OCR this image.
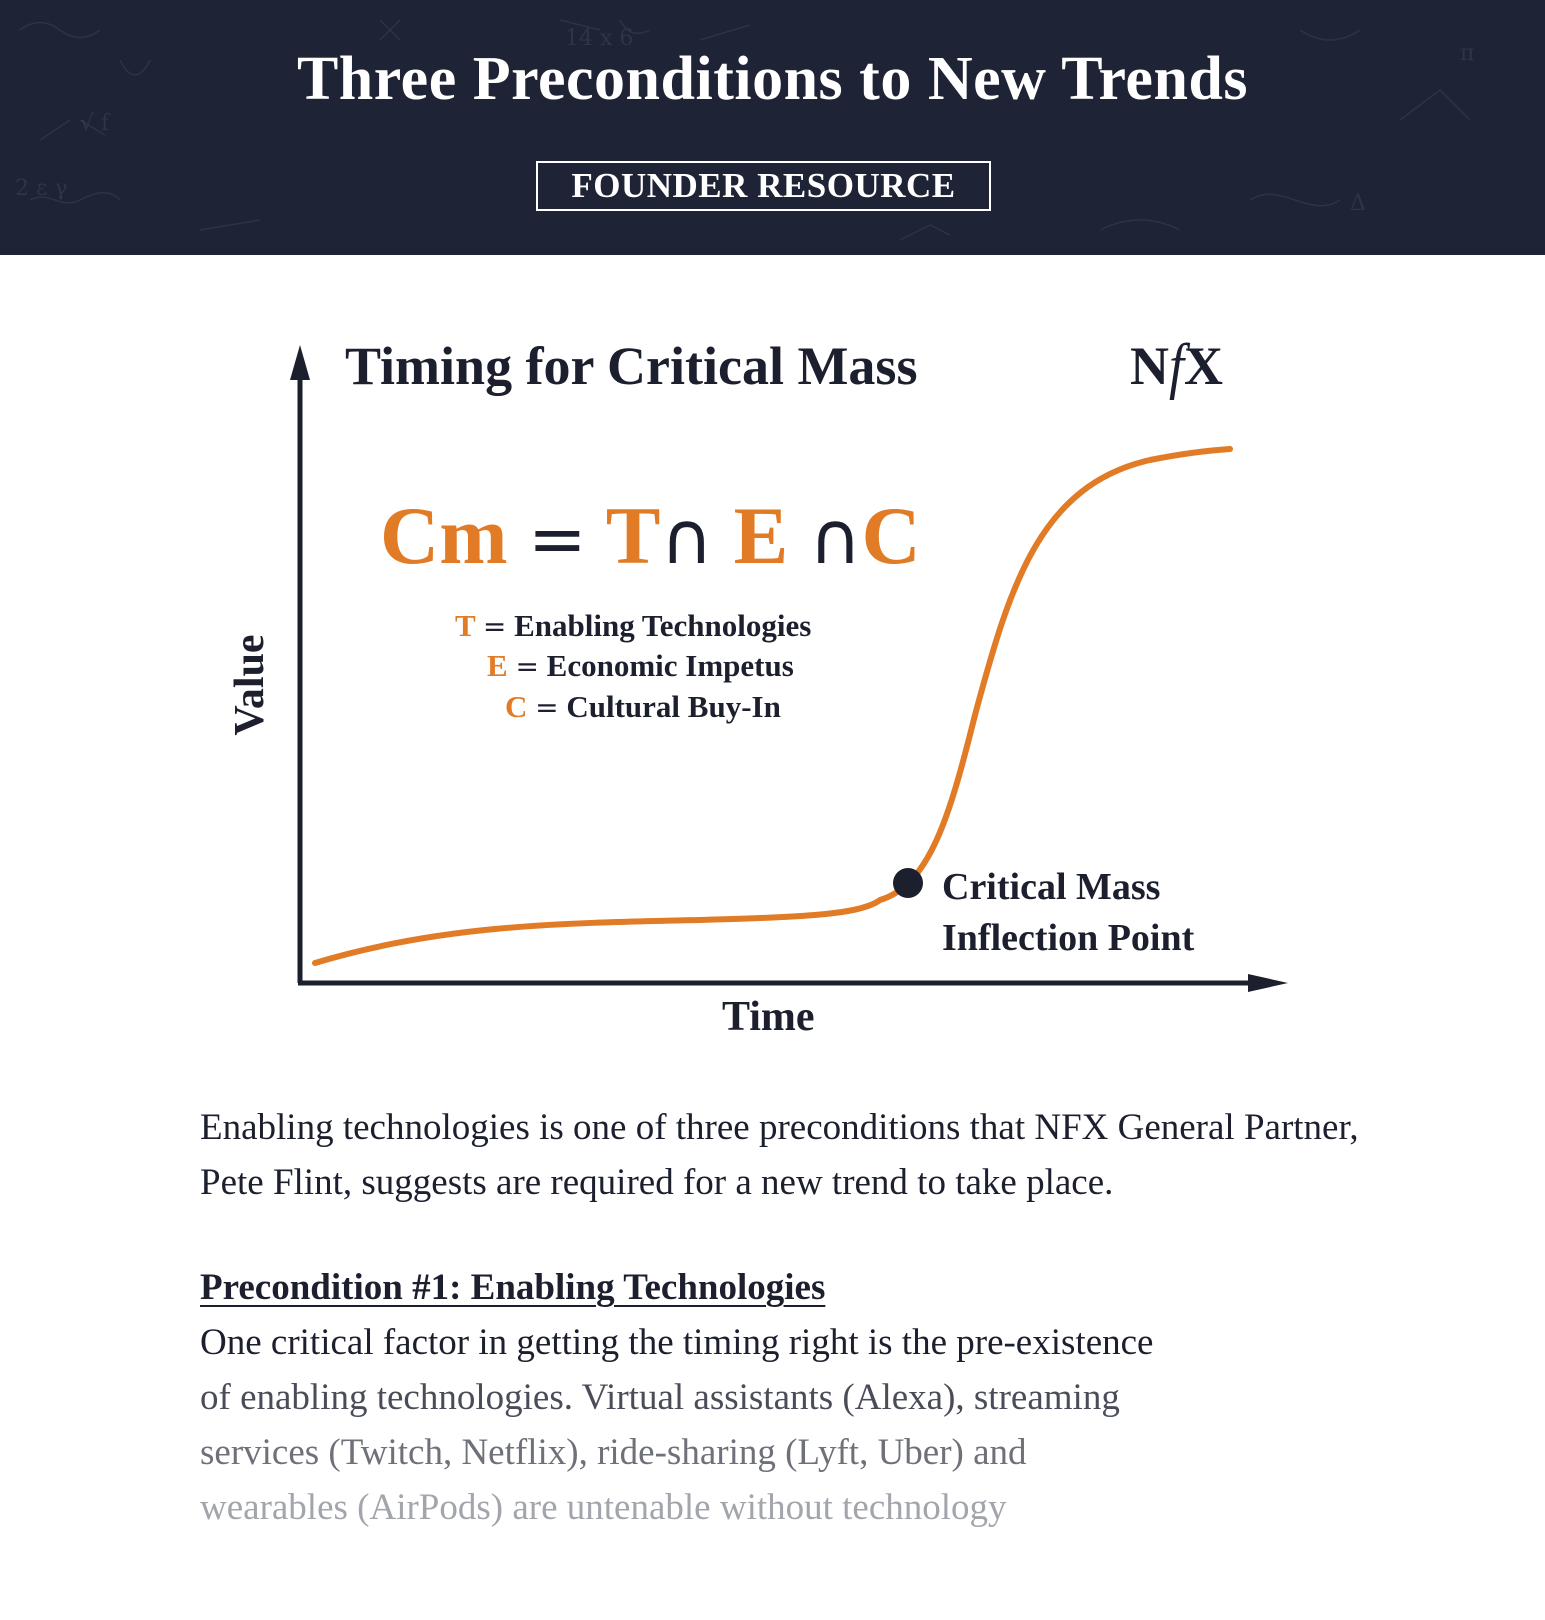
2 ε γ
√ f
14 x 6
Δ
π
Three Preconditions to New Trends
FOUNDER RESOURCE
Timing for Critical Mass	NfX
Value
Time
Cm = T∩ E ∩C
T = Enabling Technologies
E = Economic Impetus
C = Cultural Buy-In
Critical Mass
Inflection Point

Enabling technologies is one of three preconditions that NFX General Partner, Pete Flint, suggests are required for a new trend to take place.

Precondition #1: Enabling Technologies
One critical factor in getting the timing right is the pre-existence
of enabling technologies. Virtual assistants (Alexa), streaming
services (Twitch, Netflix), ride-sharing (Lyft, Uber) and
wearables (AirPods) are untenable without technology
